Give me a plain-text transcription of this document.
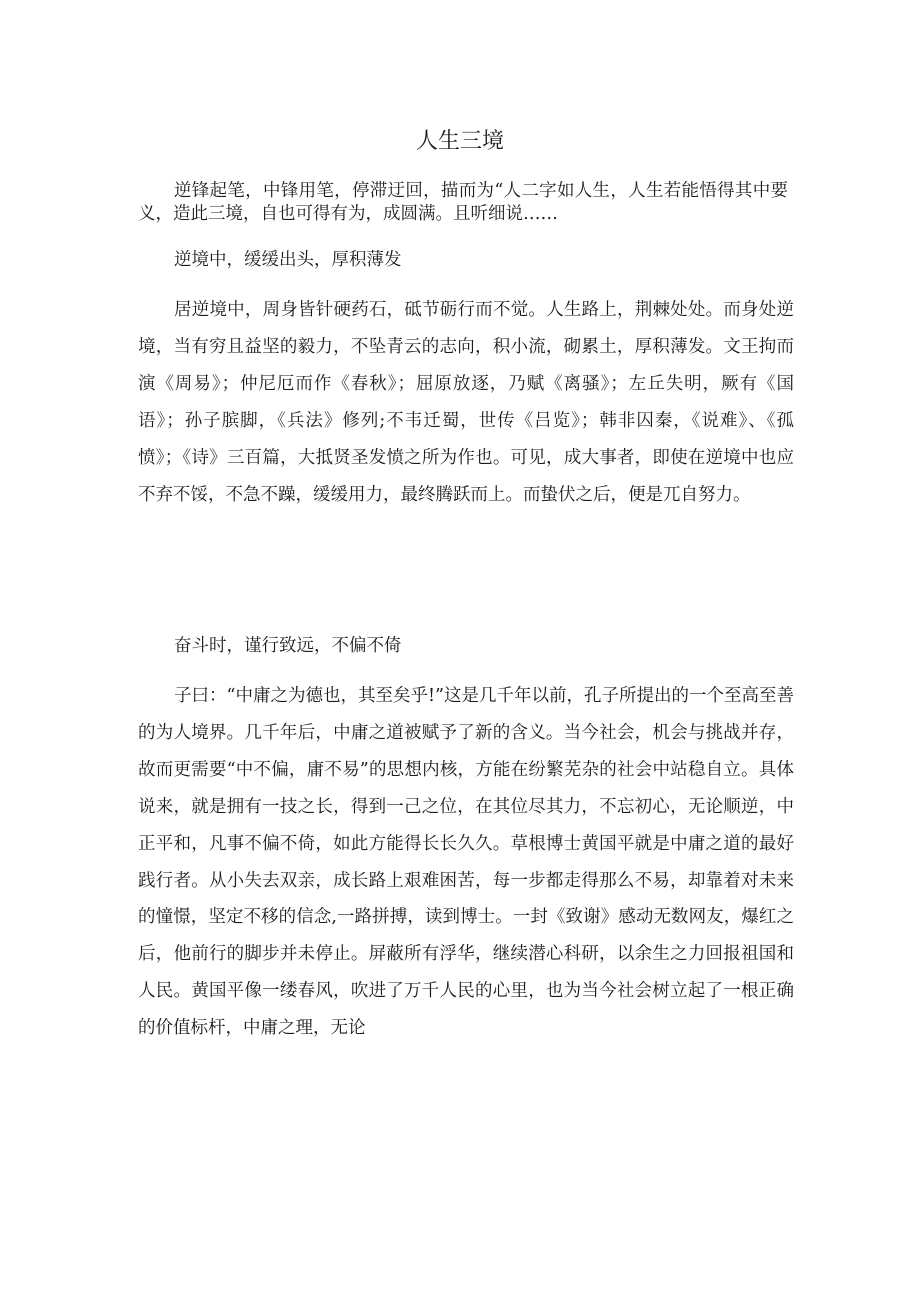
人生三境

逆锋起笔，中锋用笔，停滞迂回，描而为“人二字如人生，人生若能悟得其中要义，造此三境，自也可得有为，成圆满。且听细说……

逆境中，缓缓出头，厚积薄发

居逆境中，周身皆针硬药石，砥节砺行而不觉。人生路上，荆棘处处。而身处逆境，当有穷且益坚的毅力，不坠青云的志向，积小流，砌累土，厚积薄发。文王拘而演《周易》；仲尼厄而作《春秋》；屈原放逐，乃赋《离骚》；左丘失明，厥有《国语》；孙子膑脚，《兵法》修列;不韦迁蜀，世传《吕览》；韩非囚秦，《说难》、《孤愤》；《诗》三百篇，大抵贤圣发愤之所为作也。可见，成大事者，即使在逆境中也应不弃不馁，不急不躁，缓缓用力，最终腾跃而上。而蛰伏之后，便是兀自努力。

奋斗时，谨行致远，不偏不倚

子曰：“中庸之为德也，其至矣乎!”这是几千年以前，孔子所提出的一个至高至善的为人境界。几千年后，中庸之道被赋予了新的含义。当今社会，机会与挑战并存，故而更需要“中不偏，庸不易”的思想内核，方能在纷繁芜杂的社会中站稳自立。具体说来，就是拥有一技之长，得到一己之位，在其位尽其力，不忘初心，无论顺逆，中正平和，凡事不偏不倚，如此方能得长长久久。草根博士黄国平就是中庸之道的最好践行者。从小失去双亲，成长路上艰难困苦，每一步都走得那么不易，却靠着对未来的憧憬，坚定不移的信念,一路拼搏，读到博士。一封《致谢》感动无数网友，爆红之后，他前行的脚步并未停止。屏蔽所有浮华，继续潜心科研，以余生之力回报祖国和人民。黄国平像一缕春风，吹进了万千人民的心里，也为当今社会树立起了一根正确的价值标杆，中庸之理，无论
